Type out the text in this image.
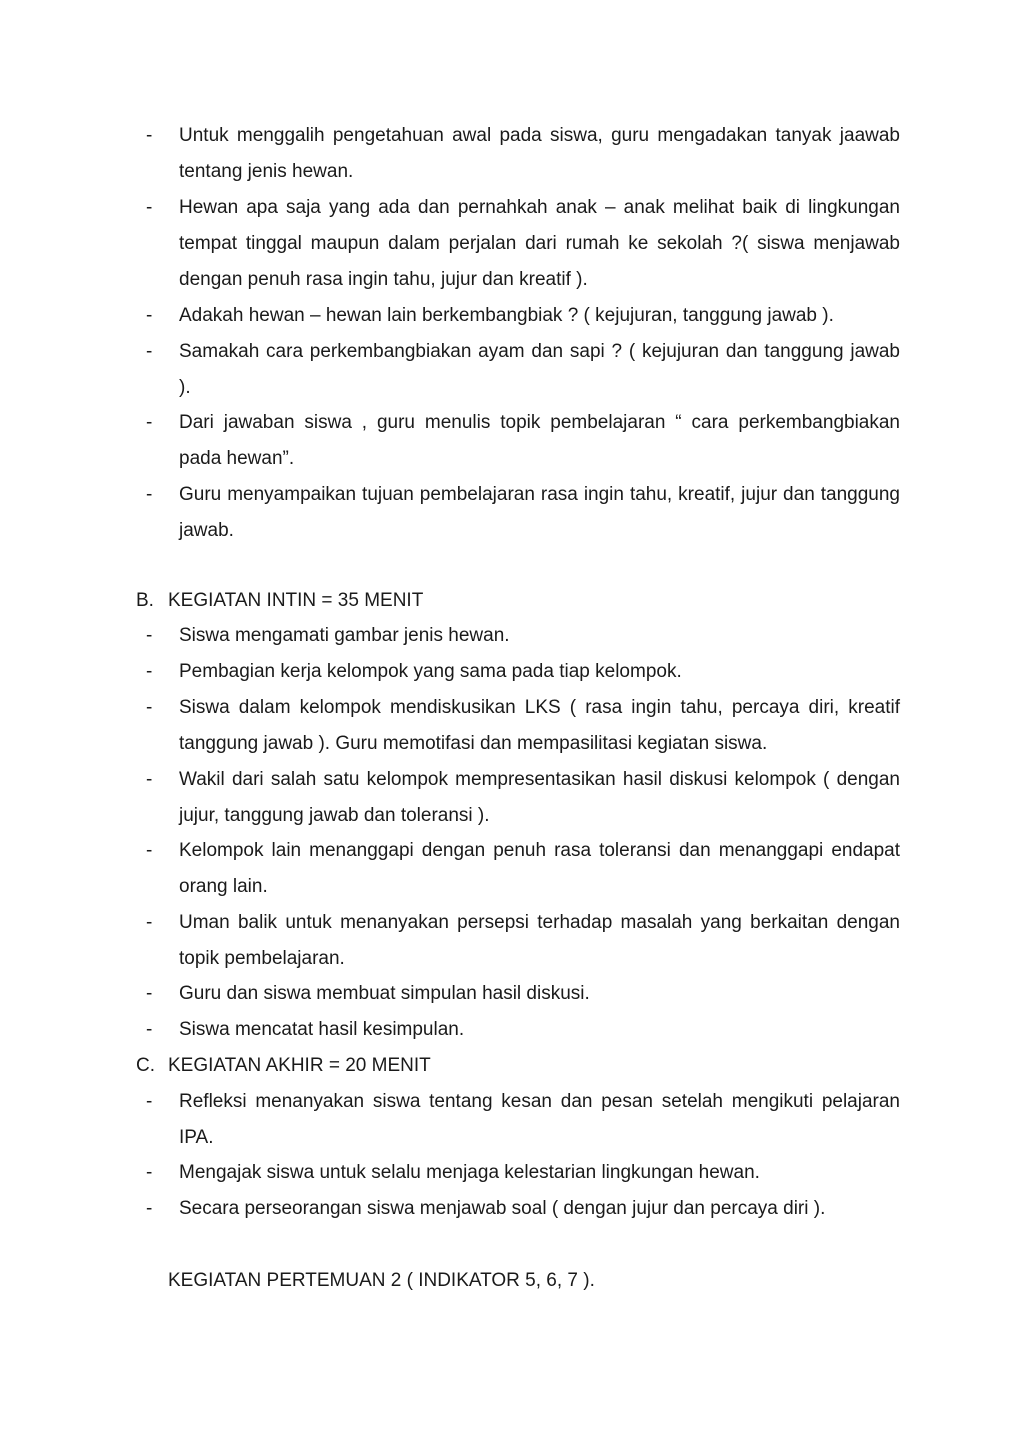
-	Untuk menggalih pengetahuan awal pada siswa, guru mengadakan tanyak jaawab tentang jenis hewan.
-	Hewan apa saja yang ada dan pernahkah anak – anak melihat baik di lingkungan tempat tinggal maupun dalam perjalan dari rumah ke sekolah ?( siswa menjawab dengan penuh rasa ingin tahu, jujur dan kreatif ).
-	Adakah hewan – hewan lain berkembangbiak ? ( kejujuran, tanggung jawab ).
-	Samakah cara perkembangbiakan ayam dan sapi ? ( kejujuran dan tanggung jawab ).
-	Dari jawaban siswa , guru menulis topik pembelajaran “ cara perkembangbiakan pada hewan”.
-	Guru menyampaikan tujuan pembelajaran rasa ingin tahu, kreatif, jujur dan tanggung jawab.
B. KEGIATAN INTIN = 35 MENIT
-	Siswa mengamati gambar jenis hewan.
-	Pembagian kerja kelompok yang sama pada tiap kelompok.
-	Siswa dalam kelompok mendiskusikan LKS ( rasa ingin tahu, percaya diri, kreatif tanggung jawab ). Guru memotifasi dan mempasilitasi kegiatan siswa.
-	Wakil dari salah satu kelompok mempresentasikan hasil diskusi kelompok ( dengan jujur, tanggung jawab dan toleransi ).
-	Kelompok lain menanggapi dengan penuh rasa toleransi dan menanggapi endapat orang lain.
-	Uman balik untuk menanyakan persepsi terhadap masalah yang berkaitan dengan topik pembelajaran.
-	Guru dan siswa membuat simpulan hasil diskusi.
-	Siswa mencatat hasil kesimpulan.
C. KEGIATAN AKHIR = 20 MENIT
-	Refleksi menanyakan siswa tentang kesan dan pesan setelah mengikuti pelajaran IPA.
-	Mengajak siswa untuk selalu menjaga kelestarian lingkungan hewan.
-	Secara perseorangan siswa menjawab soal ( dengan jujur dan percaya diri ).
KEGIATAN PERTEMUAN 2 ( INDIKATOR 5, 6, 7 ).
